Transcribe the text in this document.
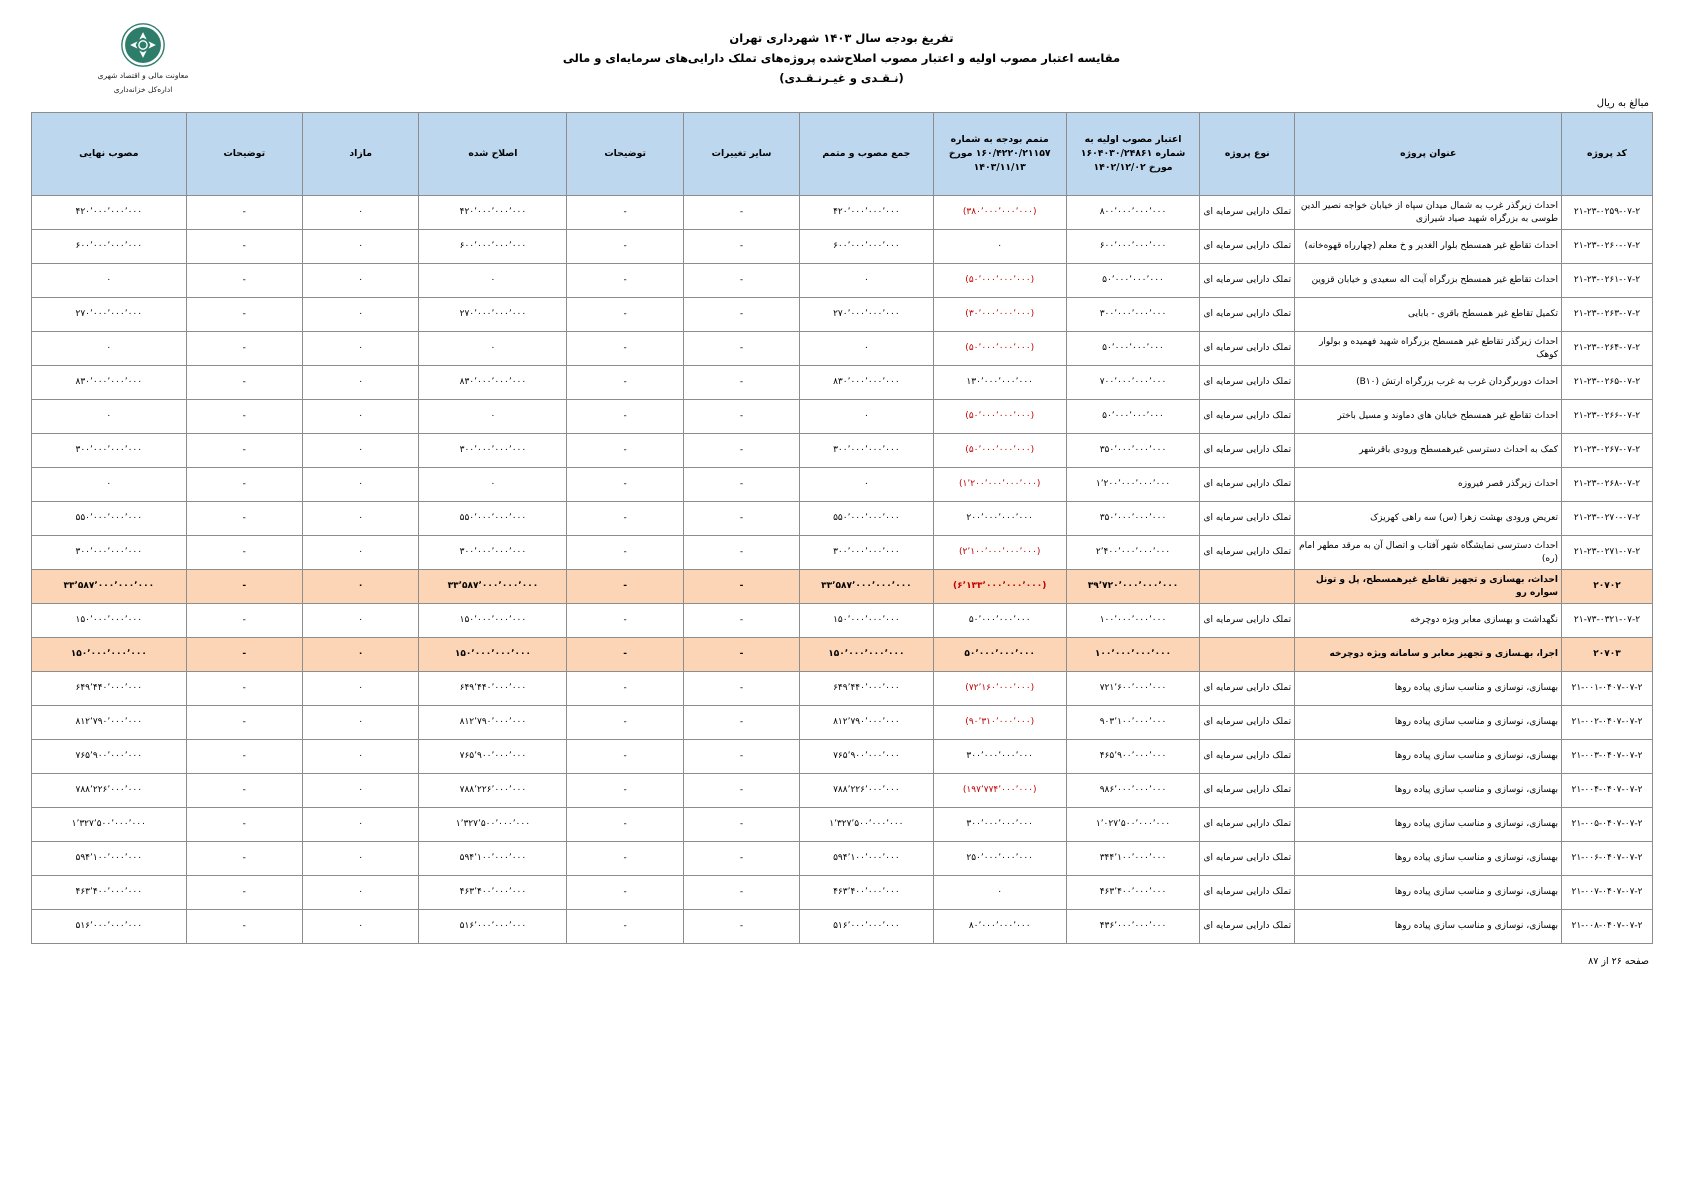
معاونت مالی و اقتصاد شهری
اداره‌کل خزانه‌داری
تفریغ بودجه سال ۱۴۰۳ شهرداری تهران
مقایسه اعتبار مصوب اولیه و اعتبار مصوب اصلاح‌شده پروژه‌های تملک دارایی‌های سرمایه‌ای و مالی
(نـقـدی و غیـرنـقـدی)
مبالغ به ریال
کد پروژه	عنوان پروژه	نوع پروژه	اعتبار مصوب اولیه به شماره ۱۶۰۴۰۳۰/۲۴۸۶۱ مورخ ۱۴۰۲/۱۲/۰۲	متمم بودجه به شماره ۱۶۰/۴۲۲۰/۲۱۱۵۷ مورخ ۱۴۰۳/۱۱/۱۳	جمع مصوب و متمم	سایر تغییرات	توضیحات	اصلاح شده	مازاد	توضیحات	مصوب نهایی
۲۱-۲۳-۰۲۵۹-۰۷-۲	احداث زیرگذر غرب به شمال میدان سپاه از خیابان خواجه نصیر الدین طوسی به بزرگراه شهید صیاد شیرازی	تملک دارایی سرمایه ای	۸۰۰٬۰۰۰٬۰۰۰٬۰۰۰	(۳۸۰٬۰۰۰٬۰۰۰٬۰۰۰)	۴۲۰٬۰۰۰٬۰۰۰٬۰۰۰	-	-	۴۲۰٬۰۰۰٬۰۰۰٬۰۰۰	۰	-	۴۲۰٬۰۰۰٬۰۰۰٬۰۰۰
۲۱-۲۳-۰۲۶۰-۰۷-۲	احداث تقاطع غیر همسطح بلوار الغدیر و خ معلم (چهارراه قهوه‌خانه)	تملک دارایی سرمایه ای	۶۰۰٬۰۰۰٬۰۰۰٬۰۰۰	۰	۶۰۰٬۰۰۰٬۰۰۰٬۰۰۰	-	-	۶۰۰٬۰۰۰٬۰۰۰٬۰۰۰	۰	-	۶۰۰٬۰۰۰٬۰۰۰٬۰۰۰
۲۱-۲۳-۰۲۶۱-۰۷-۲	احداث تقاطع غیر همسطح بزرگراه آیت اله سعیدی و خیابان قزوین	تملک دارایی سرمایه ای	۵۰٬۰۰۰٬۰۰۰٬۰۰۰	(۵۰٬۰۰۰٬۰۰۰٬۰۰۰)	۰	-	-	۰	۰	-	۰
۲۱-۲۳-۰۲۶۳-۰۷-۲	تکمیل تقاطع غیر همسطح باقری - بابایی	تملک دارایی سرمایه ای	۳۰۰٬۰۰۰٬۰۰۰٬۰۰۰	(۳۰٬۰۰۰٬۰۰۰٬۰۰۰)	۲۷۰٬۰۰۰٬۰۰۰٬۰۰۰	-	-	۲۷۰٬۰۰۰٬۰۰۰٬۰۰۰	۰	-	۲۷۰٬۰۰۰٬۰۰۰٬۰۰۰
۲۱-۲۳-۰۲۶۴-۰۷-۲	احداث زیرگذر تقاطع غیر همسطح بزرگراه شهید فهمیده و بولوار کوهک	تملک دارایی سرمایه ای	۵۰٬۰۰۰٬۰۰۰٬۰۰۰	(۵۰٬۰۰۰٬۰۰۰٬۰۰۰)	۰	-	-	۰	۰	-	۰
۲۱-۲۳-۰۲۶۵-۰۷-۲	احداث دوربرگردان غرب به غرب بزرگراه ارتش (B۱۰)	تملک دارایی سرمایه ای	۷۰۰٬۰۰۰٬۰۰۰٬۰۰۰	۱۳۰٬۰۰۰٬۰۰۰٬۰۰۰	۸۳۰٬۰۰۰٬۰۰۰٬۰۰۰	-	-	۸۳۰٬۰۰۰٬۰۰۰٬۰۰۰	۰	-	۸۳۰٬۰۰۰٬۰۰۰٬۰۰۰
۲۱-۲۳-۰۲۶۶-۰۷-۲	احداث تقاطع غیر همسطح خیابان های دماوند و مسیل باختر	تملک دارایی سرمایه ای	۵۰٬۰۰۰٬۰۰۰٬۰۰۰	(۵۰٬۰۰۰٬۰۰۰٬۰۰۰)	۰	-	-	۰	۰	-	۰
۲۱-۲۳-۰۲۶۷-۰۷-۲	کمک به احداث دسترسی غیرهمسطح ورودی باقرشهر	تملک دارایی سرمایه ای	۳۵۰٬۰۰۰٬۰۰۰٬۰۰۰	(۵۰٬۰۰۰٬۰۰۰٬۰۰۰)	۳۰۰٬۰۰۰٬۰۰۰٬۰۰۰	-	-	۳۰۰٬۰۰۰٬۰۰۰٬۰۰۰	۰	-	۳۰۰٬۰۰۰٬۰۰۰٬۰۰۰
۲۱-۲۳-۰۲۶۸-۰۷-۲	احداث زیرگذر قصر فیروزه	تملک دارایی سرمایه ای	۱٬۲۰۰٬۰۰۰٬۰۰۰٬۰۰۰	(۱٬۲۰۰٬۰۰۰٬۰۰۰٬۰۰۰)	۰	-	-	۰	۰	-	۰
۲۱-۲۳-۰۲۷۰-۰۷-۲	تعریض ورودی بهشت زهرا (س) سه راهی کهریزک	تملک دارایی سرمایه ای	۳۵۰٬۰۰۰٬۰۰۰٬۰۰۰	۲۰۰٬۰۰۰٬۰۰۰٬۰۰۰	۵۵۰٬۰۰۰٬۰۰۰٬۰۰۰	-	-	۵۵۰٬۰۰۰٬۰۰۰٬۰۰۰	۰	-	۵۵۰٬۰۰۰٬۰۰۰٬۰۰۰
۲۱-۲۳-۰۲۷۱-۰۷-۲	احداث دسترسی نمایشگاه شهر آفتاب و اتصال آن به مرقد مطهر امام (ره)	تملک دارایی سرمایه ای	۲٬۴۰۰٬۰۰۰٬۰۰۰٬۰۰۰	(۲٬۱۰۰٬۰۰۰٬۰۰۰٬۰۰۰)	۳۰۰٬۰۰۰٬۰۰۰٬۰۰۰	-	-	۳۰۰٬۰۰۰٬۰۰۰٬۰۰۰	۰	-	۳۰۰٬۰۰۰٬۰۰۰٬۰۰۰
۲۰۷۰۲	احداث، بهسازی و تجهیز تقاطع غیرهمسطح، پل و تونل سواره رو		۳۹٬۷۲۰٬۰۰۰٬۰۰۰٬۰۰۰	(۶٬۱۳۳٬۰۰۰٬۰۰۰٬۰۰۰)	۳۳٬۵۸۷٬۰۰۰٬۰۰۰٬۰۰۰	-	-	۳۳٬۵۸۷٬۰۰۰٬۰۰۰٬۰۰۰	۰	-	۳۳٬۵۸۷٬۰۰۰٬۰۰۰٬۰۰۰
۲۱-۷۳-۰۳۲۱-۰۷-۲	نگهداشت و بهسازی معابر ویژه دوچرخه	تملک دارایی سرمایه ای	۱۰۰٬۰۰۰٬۰۰۰٬۰۰۰	۵۰٬۰۰۰٬۰۰۰٬۰۰۰	۱۵۰٬۰۰۰٬۰۰۰٬۰۰۰	-	-	۱۵۰٬۰۰۰٬۰۰۰٬۰۰۰	۰	-	۱۵۰٬۰۰۰٬۰۰۰٬۰۰۰
۲۰۷۰۳	اجرا، بهـسازی و تجهیز معابر و سامانه ویژه دوچرخه		۱۰۰٬۰۰۰٬۰۰۰٬۰۰۰	۵۰٬۰۰۰٬۰۰۰٬۰۰۰	۱۵۰٬۰۰۰٬۰۰۰٬۰۰۰	-	-	۱۵۰٬۰۰۰٬۰۰۰٬۰۰۰	۰	-	۱۵۰٬۰۰۰٬۰۰۰٬۰۰۰
۲۱-۰۰۱-۰۴۰۷-۰۷-۲	بهسازی، نوسازی و مناسب سازی پیاده روها	تملک دارایی سرمایه ای	۷۲۱٬۶۰۰٬۰۰۰٬۰۰۰	(۷۲٬۱۶۰٬۰۰۰٬۰۰۰)	۶۴۹٬۴۴۰٬۰۰۰٬۰۰۰	-	-	۶۴۹٬۴۴۰٬۰۰۰٬۰۰۰	۰	-	۶۴۹٬۴۴۰٬۰۰۰٬۰۰۰
۲۱-۰۰۲-۰۴۰۷-۰۷-۲	بهسازی، نوسازی و مناسب سازی پیاده روها	تملک دارایی سرمایه ای	۹۰۳٬۱۰۰٬۰۰۰٬۰۰۰	(۹۰٬۳۱۰٬۰۰۰٬۰۰۰)	۸۱۲٬۷۹۰٬۰۰۰٬۰۰۰	-	-	۸۱۲٬۷۹۰٬۰۰۰٬۰۰۰	۰	-	۸۱۲٬۷۹۰٬۰۰۰٬۰۰۰
۲۱-۰۰۳-۰۴۰۷-۰۷-۲	بهسازی، نوسازی و مناسب سازی پیاده روها	تملک دارایی سرمایه ای	۴۶۵٬۹۰۰٬۰۰۰٬۰۰۰	۳۰۰٬۰۰۰٬۰۰۰٬۰۰۰	۷۶۵٬۹۰۰٬۰۰۰٬۰۰۰	-	-	۷۶۵٬۹۰۰٬۰۰۰٬۰۰۰	۰	-	۷۶۵٬۹۰۰٬۰۰۰٬۰۰۰
۲۱-۰۰۴-۰۴۰۷-۰۷-۲	بهسازی، نوسازی و مناسب سازی پیاده روها	تملک دارایی سرمایه ای	۹۸۶٬۰۰۰٬۰۰۰٬۰۰۰	(۱۹۷٬۷۷۴٬۰۰۰٬۰۰۰)	۷۸۸٬۲۲۶٬۰۰۰٬۰۰۰	-	-	۷۸۸٬۲۲۶٬۰۰۰٬۰۰۰	۰	-	۷۸۸٬۲۲۶٬۰۰۰٬۰۰۰
۲۱-۰۰۵-۰۴۰۷-۰۷-۲	بهسازی، نوسازی و مناسب سازی پیاده روها	تملک دارایی سرمایه ای	۱٬۰۲۷٬۵۰۰٬۰۰۰٬۰۰۰	۳۰۰٬۰۰۰٬۰۰۰٬۰۰۰	۱٬۳۲۷٬۵۰۰٬۰۰۰٬۰۰۰	-	-	۱٬۳۲۷٬۵۰۰٬۰۰۰٬۰۰۰	۰	-	۱٬۳۲۷٬۵۰۰٬۰۰۰٬۰۰۰
۲۱-۰۰۶-۰۴۰۷-۰۷-۲	بهسازی، نوسازی و مناسب سازی پیاده روها	تملک دارایی سرمایه ای	۳۴۴٬۱۰۰٬۰۰۰٬۰۰۰	۲۵۰٬۰۰۰٬۰۰۰٬۰۰۰	۵۹۴٬۱۰۰٬۰۰۰٬۰۰۰	-	-	۵۹۴٬۱۰۰٬۰۰۰٬۰۰۰	۰	-	۵۹۴٬۱۰۰٬۰۰۰٬۰۰۰
۲۱-۰۰۷-۰۴۰۷-۰۷-۲	بهسازی، نوسازی و مناسب سازی پیاده روها	تملک دارایی سرمایه ای	۴۶۳٬۴۰۰٬۰۰۰٬۰۰۰	۰	۴۶۳٬۴۰۰٬۰۰۰٬۰۰۰	-	-	۴۶۳٬۴۰۰٬۰۰۰٬۰۰۰	۰	-	۴۶۳٬۴۰۰٬۰۰۰٬۰۰۰
۲۱-۰۰۸-۰۴۰۷-۰۷-۲	بهسازی، نوسازی و مناسب سازی پیاده روها	تملک دارایی سرمایه ای	۴۳۶٬۰۰۰٬۰۰۰٬۰۰۰	۸۰٬۰۰۰٬۰۰۰٬۰۰۰	۵۱۶٬۰۰۰٬۰۰۰٬۰۰۰	-	-	۵۱۶٬۰۰۰٬۰۰۰٬۰۰۰	۰	-	۵۱۶٬۰۰۰٬۰۰۰٬۰۰۰
صفحه ۲۶ از ۸۷
